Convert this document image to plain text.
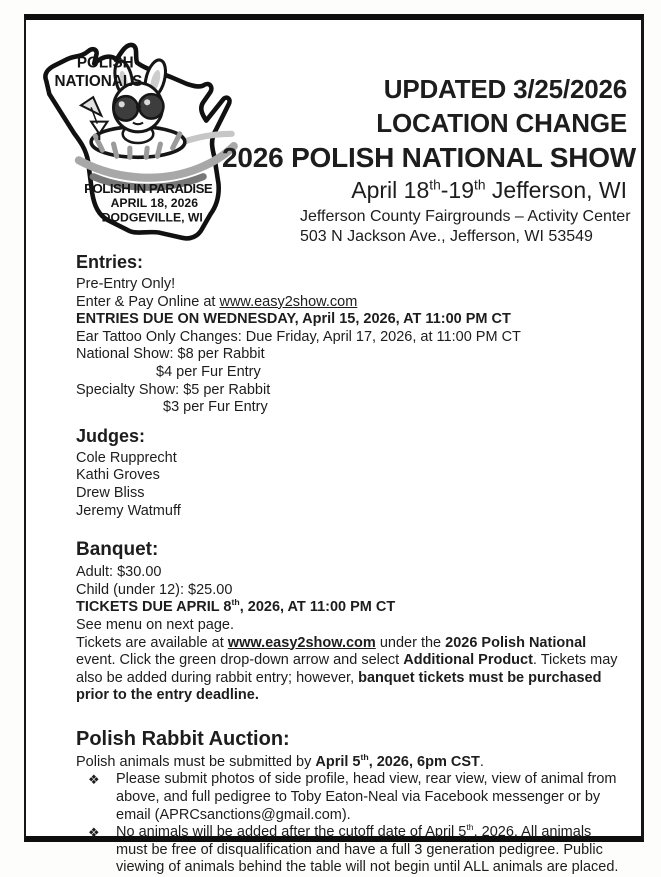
POLISH
NATIONALS
POLISH IN PARADISE
APRIL 18, 2026
DODGEVILLE, WI
UPDATED 3/25/2026
LOCATION CHANGE
2026 POLISH NATIONAL SHOW
April 18th-19th Jefferson, WI
Jefferson County Fairgrounds – Activity Center
503 N Jackson Ave., Jefferson, WI 53549
Entries:

Pre-Entry Only!

Enter & Pay Online at www.easy2show.com

ENTRIES DUE ON WEDNESDAY, April 15, 2026, AT 11:00 PM CT

Ear Tattoo Only Changes: Due Friday, April 17, 2026, at 11:00 PM CT

National Show: $8 per Rabbit

$4 per Fur Entry

Specialty Show: $5 per Rabbit

$3 per Fur Entry

Judges:

Cole Rupprecht

Kathi Groves

Drew Bliss

Jeremy Watmuff

Banquet:

Adult: $30.00

Child (under 12): $25.00

TICKETS DUE APRIL 8th, 2026, AT 11:00 PM CT

See menu on next page.

Tickets are available at www.easy2show.com under the 2026 Polish National event. Click the green drop-down arrow and select Additional Product. Tickets may also be added during rabbit entry; however, banquet tickets must be purchased prior to the entry deadline.

Polish Rabbit Auction:

Polish animals must be submitted by April 5th, 2026, 6pm CST.

❖	Please submit photos of side profile, head view, rear view, view of animal from above, and full pedigree to Toby Eaton-Neal via Facebook messenger or by email (APRCsanctions@gmail.com).
❖	No animals will be added after the cutoff date of April 5th, 2026. All animals must be free of disqualification and have a full 3 generation pedigree. Public viewing of animals behind the table will not begin until ALL animals are placed.
